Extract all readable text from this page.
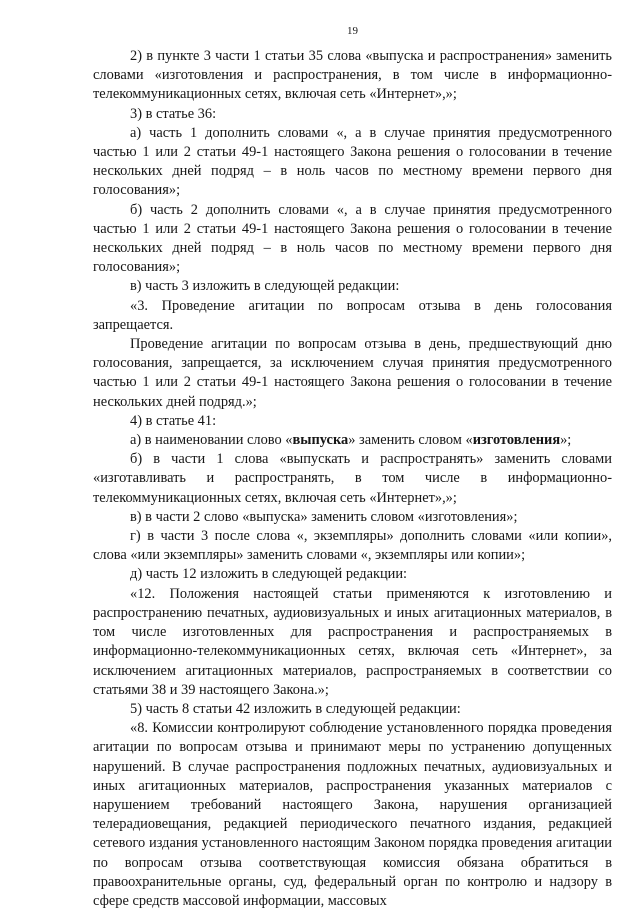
19

2) в пункте 3 части 1 статьи 35 слова «выпуска и распространения» заменить словами «изготовления и распространения, в том числе в информационно-телекоммуникационных сетях, включая сеть «Интернет»,»;

3) в статье 36:

а) часть 1 дополнить словами «, а в случае принятия предусмотренного частью 1 или 2 статьи 49-1 настоящего Закона решения о голосовании в течение нескольких дней подряд – в ноль часов по местному времени первого дня голосования»;

б) часть 2 дополнить словами «, а в случае принятия предусмотренного частью 1 или 2 статьи 49-1 настоящего Закона решения о голосовании в течение нескольких дней подряд – в ноль часов по местному времени первого дня голосования»;

в) часть 3 изложить в следующей редакции:

«3. Проведение агитации по вопросам отзыва в день голосования запрещается.

Проведение агитации по вопросам отзыва в день, предшествующий дню голосования, запрещается, за исключением случая принятия предусмотренного частью 1 или 2 статьи 49-1 настоящего Закона решения о голосовании в течение нескольких дней подряд.»;

4) в статье 41:

а) в наименовании слово «выпуска» заменить словом «изготовления»;

б) в части 1 слова «выпускать и распространять» заменить словами «изготавливать и распространять, в том числе в информационно-телекоммуникационных сетях, включая сеть «Интернет»,»;

в) в части 2 слово «выпуска» заменить словом «изготовления»;

г) в части 3 после слова «, экземпляры» дополнить словами «или копии», слова «или экземпляры» заменить словами «, экземпляры или копии»;

д) часть 12 изложить в следующей редакции:

«12. Положения настоящей статьи применяются к изготовлению и распространению печатных, аудиовизуальных и иных агитационных материалов, в том числе изготовленных для распространения и распространяемых в информационно-телекоммуникационных сетях, включая сеть «Интернет», за исключением агитационных материалов, распространяемых в соответствии со статьями 38 и 39 настоящего Закона.»;

5) часть 8 статьи 42 изложить в следующей редакции:

«8. Комиссии контролируют соблюдение установленного порядка проведения агитации по вопросам отзыва и принимают меры по устранению допущенных нарушений. В случае распространения подложных печатных, аудиовизуальных и иных агитационных материалов, распространения указанных материалов с нарушением требований настоящего Закона, нарушения организацией телерадиовещания, редакцией периодического печатного издания, редакцией сетевого издания установленного настоящим Законом порядка проведения агитации по вопросам отзыва соответствующая комиссия обязана обратиться в правоохранительные органы, суд, федеральный орган по контролю и надзору в сфере средств массовой информации, массовых
